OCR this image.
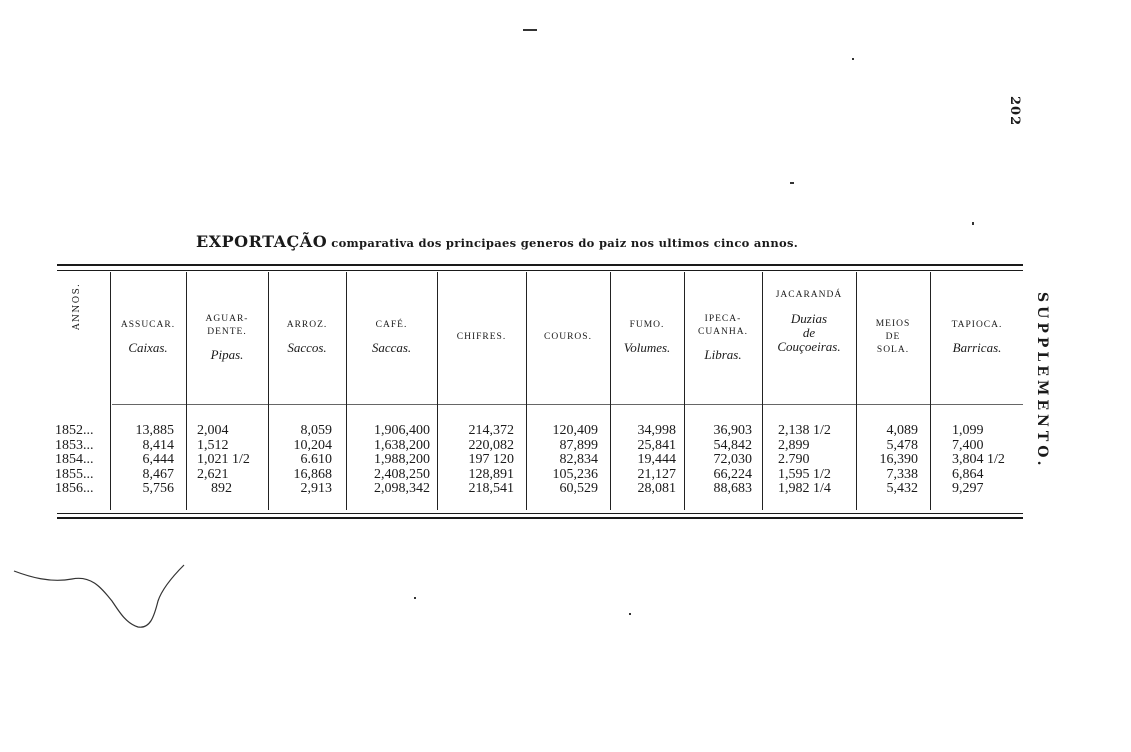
202
SUPPLEMENTO.
EXPORTAÇÃO comparativa dos principaes generos do paiz nos ultimos cinco annos.
ANNOS.	ASSUCAR.
Caixas.
AGUAR-
DENTE.
Pipas.
ARROZ.
Saccos.
CAFÉ.
Saccas.
CHIFRES.	COUROS.
FUMO.
Volumes.
IPECA-
CUANHA.
Libras.
JACARANDÁ
Duzias
de
Couçoeiras.
MEIOS
DE
SOLA.
TAPIOCA.
Barricas.
1852...
1853...
1854...
1855...
1856...
13,885
8,414
6,444
8,467
5,756
2,004
1,512
1,021 1/2
2,621
892
8,059
10,204
6.610
16,868
2,913
1,906,400
1,638,200
1,988,200
2,408,250
2,098,342
214,372
220,082
197 120
128,891
218,541
120,409
87,899
82,834
105,236
60,529
34,998
25,841
19,444
21,127
28,081
36,903
54,842
72,030
66,224
88,683
2,138 1/2
2,899
2.790
1,595 1/2
1,982 1/4
4,089
5,478
16,390
7,338
5,432
1,099
7,400
3,804 1/2
6,864
9,297
